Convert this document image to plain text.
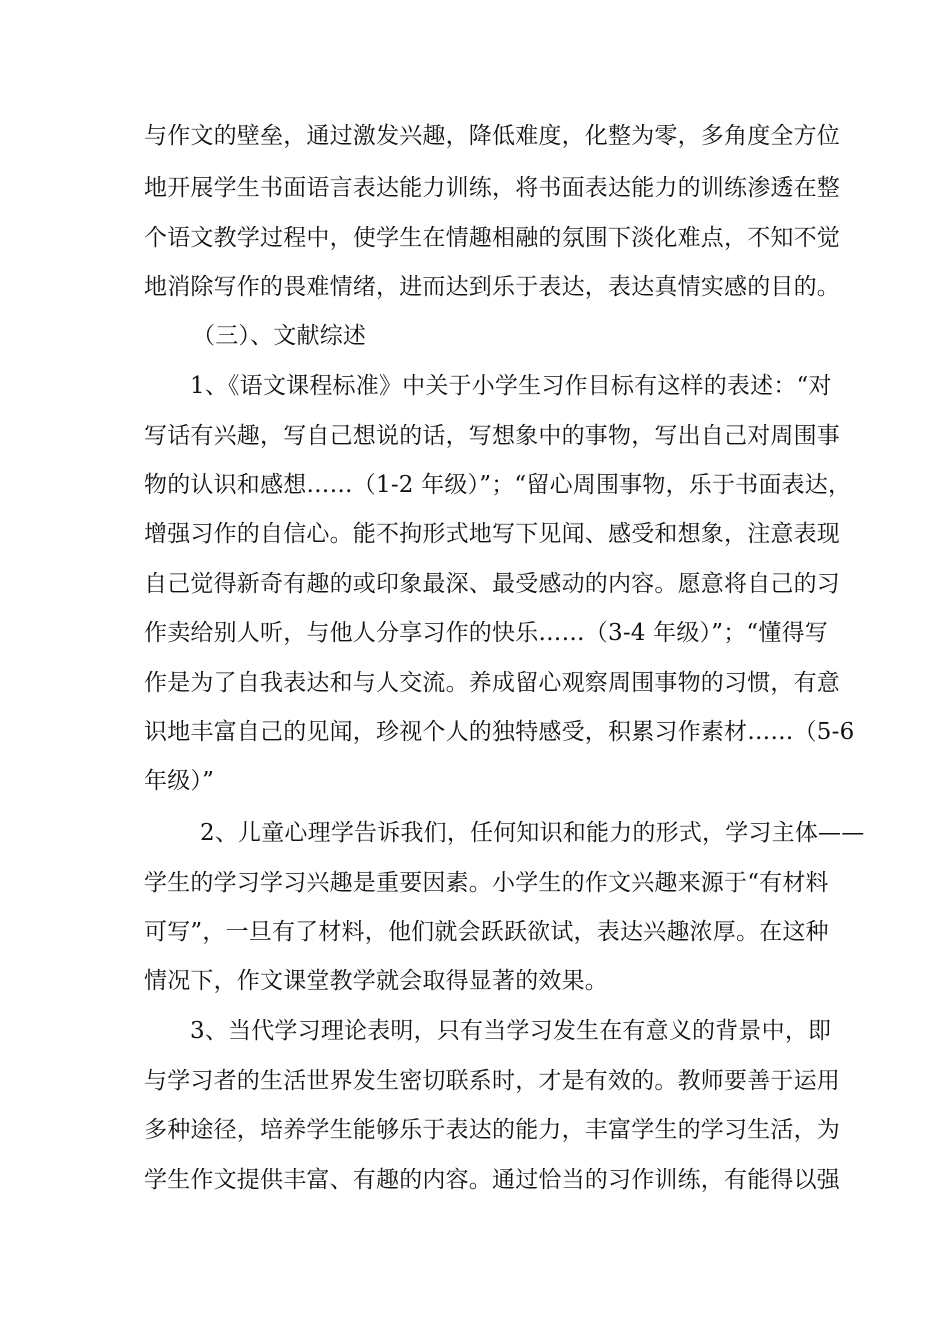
与作文的壁垒，通过激发兴趣，降低难度，化整为零，多角度全方位
地开展学生书面语言表达能力训练，将书面表达能力的训练渗透在整
个语文教学过程中，使学生在情趣相融的氛围下淡化难点，不知不觉
地消除写作的畏难情绪，进而达到乐于表达，表达真情实感的目的。
（三）、文献综述
1、《语文课程标准》中关于小学生习作目标有这样的表述：“对
写话有兴趣，写自己想说的话，写想象中的事物，写出自己对周围事
物的认识和感想……（1-2 年级）”；“留心周围事物，乐于书面表达，
增强习作的自信心。能不拘形式地写下见闻、感受和想象，注意表现
自己觉得新奇有趣的或印象最深、最受感动的内容。愿意将自己的习
作卖给别人听，与他人分享习作的快乐……（3-4 年级）”；“懂得写
作是为了自我表达和与人交流。养成留心观察周围事物的习惯，有意
识地丰富自己的见闻，珍视个人的独特感受，积累习作素材……（5-6
年级）”
2、儿童心理学告诉我们，任何知识和能力的形式，学习主体——
学生的学习学习兴趣是重要因素。小学生的作文兴趣来源于“有材料
可写”，一旦有了材料，他们就会跃跃欲试，表达兴趣浓厚。在这种
情况下，作文课堂教学就会取得显著的效果。
3、当代学习理论表明，只有当学习发生在有意义的背景中，即
与学习者的生活世界发生密切联系时，才是有效的。教师要善于运用
多种途径，培养学生能够乐于表达的能力，丰富学生的学习生活，为
学生作文提供丰富、有趣的内容。通过恰当的习作训练，有能得以强
